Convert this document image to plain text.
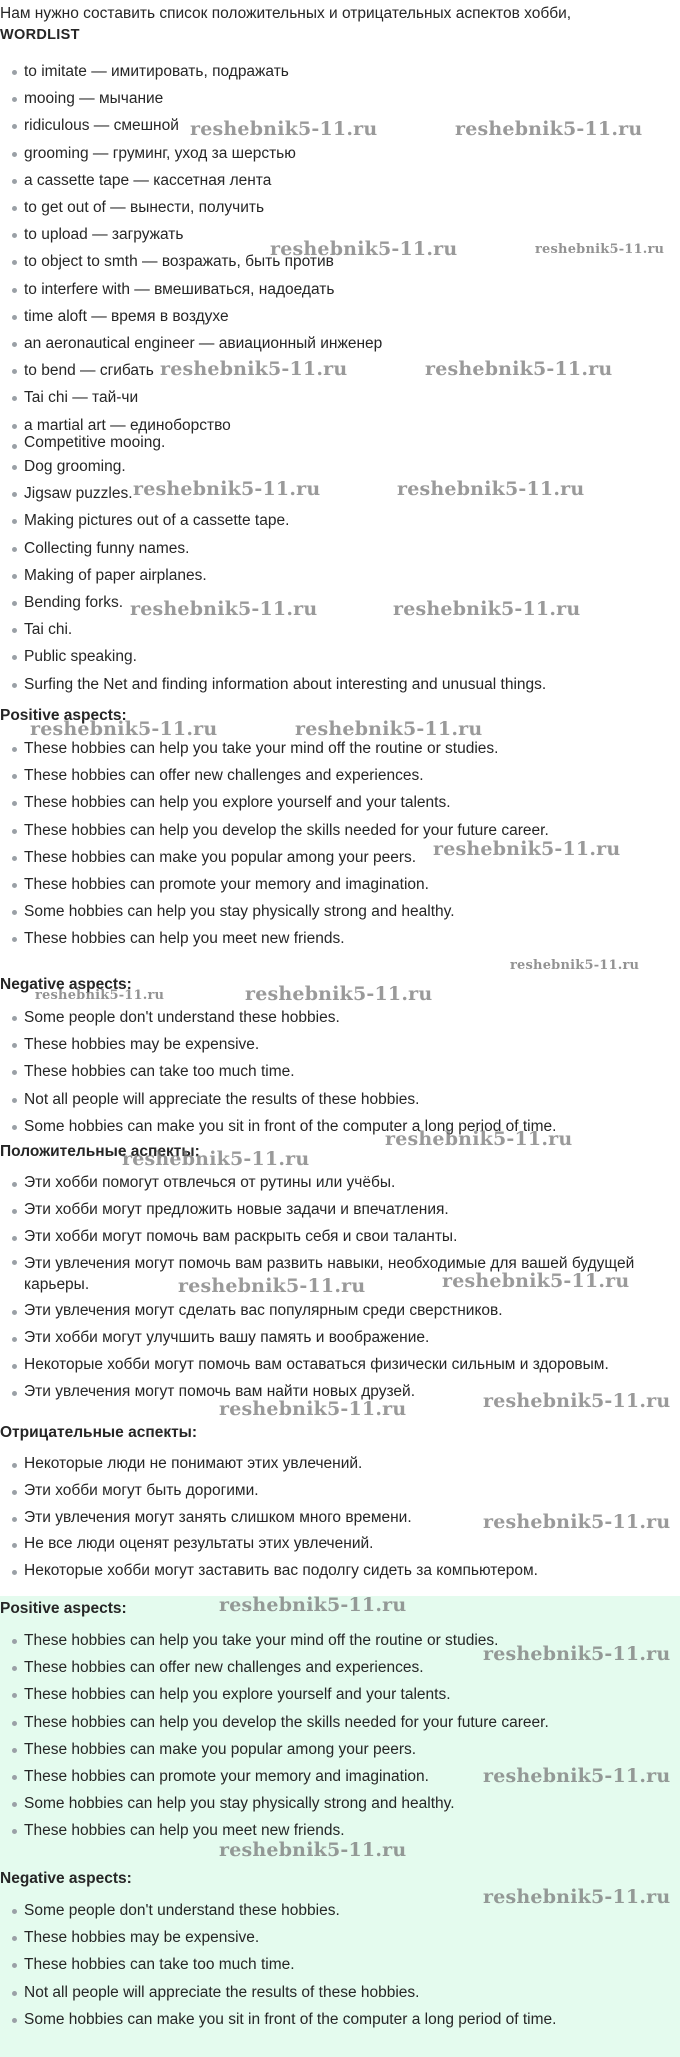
Нам нужно составить список положительных и отрицательных аспектов хобби,

WORDLIST

to imitate — имитировать, подражать
mooing — мычание
ridiculous — смешной
grooming — груминг, уход за шерстью
a cassette tape — кассетная лента
to get out of — вынести, получить
to upload — загружать
to object to smth — возражать, быть против
to interfere with — вмешиваться, надоедать
time aloft — время в воздухе
an aeronautical engineer — авиационный инженер
to bend — сгибать
Tai chi — тай-чи
a martial art — единоборство
Competitive mooing.
Dog grooming.
Jigsaw puzzles.
Making pictures out of a cassette tape.
Collecting funny names.
Making of paper airplanes.
Bending forks.
Tai chi.
Public speaking.
Surfing the Net and finding information about interesting and unusual things.

Positive aspects:

These hobbies can help you take your mind off the routine or studies.
These hobbies can offer new challenges and experiences.
These hobbies can help you explore yourself and your talents.
These hobbies can help you develop the skills needed for your future career.
These hobbies can make you popular among your peers.
These hobbies can promote your memory and imagination.
Some hobbies can help you stay physically strong and healthy.
These hobbies can help you meet new friends.

Negative aspects:

Some people don't understand these hobbies.
These hobbies may be expensive.
These hobbies can take too much time.
Not all people will appreciate the results of these hobbies.
Some hobbies can make you sit in front of the computer a long period of time.

Положительные аспекты:

Эти хобби помогут отвлечься от рутины или учёбы.
Эти хобби могут предложить новые задачи и впечатления.
Эти хобби могут помочь вам раскрыть себя и свои таланты.
Эти увлечения могут помочь вам развить навыки, необходимые для вашей будущей карьеры.
Эти увлечения могут сделать вас популярным среди сверстников.
Эти хобби могут улучшить вашу память и воображение.
Некоторые хобби могут помочь вам оставаться физически сильным и здоровым.
Эти увлечения могут помочь вам найти новых друзей.

Отрицательные аспекты:

Некоторые люди не понимают этих увлечений.
Эти хобби могут быть дорогими.
Эти увлечения могут занять слишком много времени.
Не все люди оценят результаты этих увлечений.
Некоторые хобби могут заставить вас подолгу сидеть за компьютером.

Positive aspects:

These hobbies can help you take your mind off the routine or studies.
These hobbies can offer new challenges and experiences.
These hobbies can help you explore yourself and your talents.
These hobbies can help you develop the skills needed for your future career.
These hobbies can make you popular among your peers.
These hobbies can promote your memory and imagination.
Some hobbies can help you stay physically strong and healthy.
These hobbies can help you meet new friends.

Negative aspects:

Some people don't understand these hobbies.
These hobbies may be expensive.
These hobbies can take too much time.
Not all people will appreciate the results of these hobbies.
Some hobbies can make you sit in front of the computer a long period of time.
reshebnik5-11.ru	reshebnik5-11.ru
reshebnik5-11.ru	reshebnik5-11.ru
reshebnik5-11.ru	reshebnik5-11.ru
reshebnik5-11.ru	reshebnik5-11.ru
reshebnik5-11.ru	reshebnik5-11.ru
reshebnik5-11.ru	reshebnik5-11.ru
reshebnik5-11.ru
reshebnik5-11.ru
reshebnik5-11.ru	reshebnik5-11.ru
reshebnik5-11.ru
reshebnik5-11.ru
reshebnik5-11.ru	reshebnik5-11.ru
reshebnik5-11.ru	reshebnik5-11.ru
reshebnik5-11.ru
reshebnik5-11.ru
reshebnik5-11.ru
reshebnik5-11.ru
reshebnik5-11.ru
reshebnik5-11.ru
